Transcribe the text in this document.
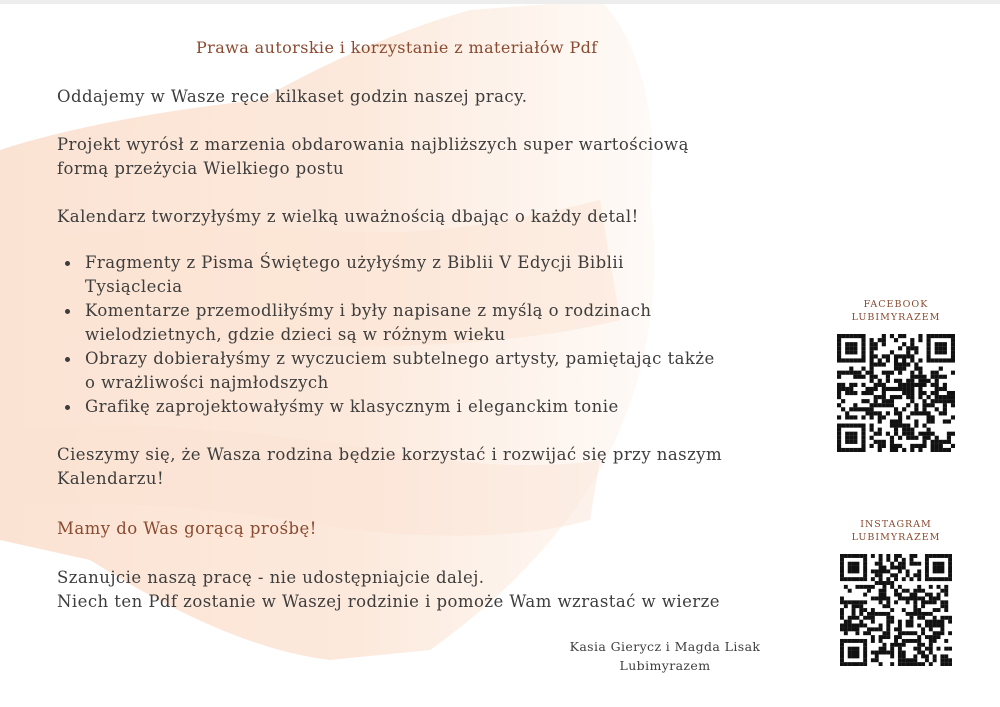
Prawa autorskie i korzystanie z materiałów Pdf
Oddajemy w Wasze ręce kilkaset godzin naszej pracy.
Projekt wyrósł z marzenia obdarowania najbliższych super wartościową
formą przeżycia Wielkiego postu
Kalendarz tworzyłyśmy z wielką uważnością dbając o każdy detal!
Fragmenty z Pisma Świętego użyłyśmy z Biblii V Edycji Biblii
Tysiąclecia
Komentarze przemodliłyśmy i były napisane z myślą o rodzinach
wielodzietnych, gdzie dzieci są w różnym wieku
Obrazy dobierałyśmy z wyczuciem subtelnego artysty, pamiętając także
o wrażliwości najmłodszych
Grafikę zaprojektowałyśmy w klasycznym i eleganckim tonie
Cieszymy się, że Wasza rodzina będzie korzystać i rozwijać się przy naszym
Kalendarzu!
Mamy do Was gorącą prośbę!
Szanujcie naszą pracę - nie udostępniajcie dalej.
Niech ten Pdf zostanie w Waszej rodzinie i pomoże Wam wzrastać w wierze
Kasia Gierycz i Magda Lisak
Lubimyrazem
FACEBOOK
LUBIMYRAZEM
INSTAGRAM
LUBIMYRAZEM
